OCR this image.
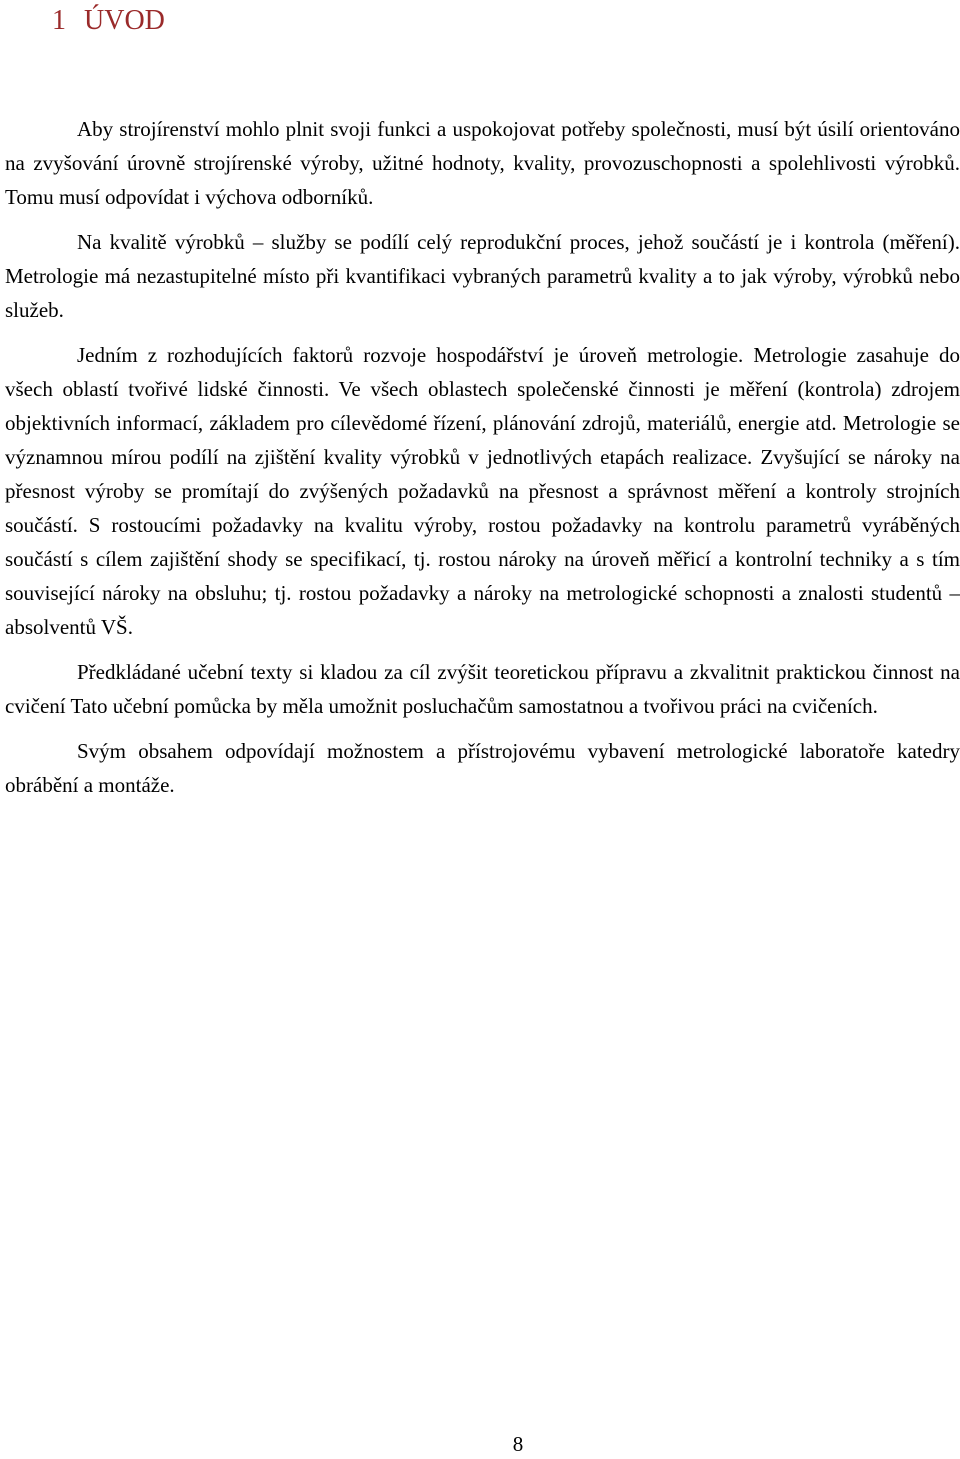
1 ÚVOD

Aby strojírenství mohlo plnit svoji funkci a uspokojovat potřeby společnosti, musí být úsilí orientováno na zvyšování úrovně strojírenské výroby, užitné hodnoty, kvality, provozuschopnosti a spolehlivosti výrobků. Tomu musí odpovídat i výchova odborníků.

Na kvalitě výrobků – služby se podílí celý reprodukční proces, jehož součástí je i kontrola (měření). Metrologie má nezastupitelné místo při kvantifikaci vybraných parametrů kvality a to jak výroby, výrobků nebo služeb.

Jedním z rozhodujících faktorů rozvoje hospodářství je úroveň metrologie. Metrologie zasahuje do všech oblastí tvořivé lidské činnosti. Ve všech oblastech společenské činnosti je měření (kontrola) zdrojem objektivních informací, základem pro cílevědomé řízení, plánování zdrojů, materiálů, energie atd. Metrologie se významnou mírou podílí na zjištění kvality výrobků v jednotlivých etapách realizace. Zvyšující se nároky na přesnost výroby se promítají do zvýšených požadavků na přesnost a správnost měření a kontroly strojních součástí. S rostoucími požadavky na kvalitu výroby, rostou požadavky na kontrolu parametrů vyráběných součástí s cílem zajištění shody se specifikací, tj. rostou nároky na úroveň měřicí a kontrolní techniky a s tím související nároky na obsluhu; tj. rostou požadavky a nároky na metrologické schopnosti a znalosti studentů – absolventů VŠ.

Předkládané učební texty si kladou za cíl zvýšit teoretickou přípravu a zkvalitnit praktickou činnost na cvičení Tato učební pomůcka by měla umožnit posluchačům samostatnou a tvořivou práci na cvičeních.

Svým obsahem odpovídají možnostem a přístrojovému vybavení metrologické laboratoře katedry obrábění a montáže.

8
